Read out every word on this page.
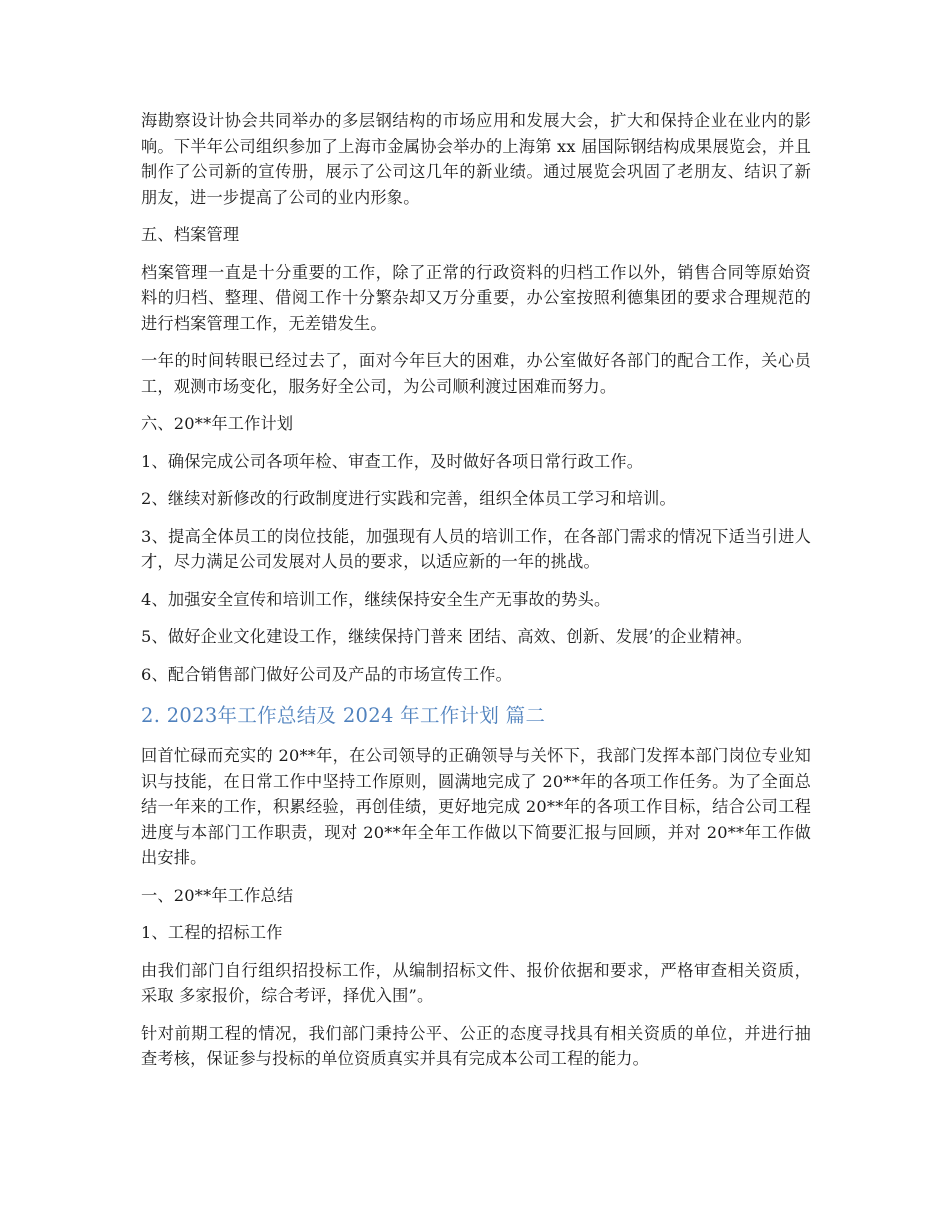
海勘察设计协会共同举办的多层钢结构的市场应用和发展大会，扩大和保持企业在业内的影响。下半年公司组织参加了上海市金属协会举办的上海第 xx 届国际钢结构成果展览会，并且制作了公司新的宣传册，展示了公司这几年的新业绩。通过展览会巩固了老朋友、结识了新朋友，进一步提高了公司的业内形象。

五、档案管理

档案管理一直是十分重要的工作，除了正常的行政资料的归档工作以外，销售合同等原始资料的归档、整理、借阅工作十分繁杂却又万分重要，办公室按照利德集团的要求合理规范的进行档案管理工作，无差错发生。

一年的时间转眼已经过去了，面对今年巨大的困难，办公室做好各部门的配合工作，关心员工，观测市场变化，服务好全公司，为公司顺利渡过困难而努力。

六、20**年工作计划

1、确保完成公司各项年检、审查工作，及时做好各项日常行政工作。

2、继续对新修改的行政制度进行实践和完善，组织全体员工学习和培训。

3、提高全体员工的岗位技能，加强现有人员的培训工作，在各部门需求的情况下适当引进人才，尽力满足公司发展对人员的要求，以适应新的一年的挑战。

4、加强安全宣传和培训工作，继续保持安全生产无事故的势头。

5、做好企业文化建设工作，继续保持门普来 团结、高效、创新、发展’的企业精神。

6、配合销售部门做好公司及产品的市场宣传工作。

2. 2023年工作总结及 2024 年工作计划 篇二

回首忙碌而充实的 20**年，在公司领导的正确领导与关怀下，我部门发挥本部门岗位专业知识与技能，在日常工作中坚持工作原则，圆满地完成了 20**年的各项工作任务。为了全面总结一年来的工作，积累经验，再创佳绩，更好地完成 20**年的各项工作目标，结合公司工程进度与本部门工作职责，现对 20**年全年工作做以下简要汇报与回顾，并对 20**年工作做出安排。

一、20**年工作总结

1、工程的招标工作

由我们部门自行组织招投标工作，从编制招标文件、报价依据和要求，严格审查相关资质，采取 多家报价，综合考评，择优入围”。

针对前期工程的情况，我们部门秉持公平、公正的态度寻找具有相关资质的单位，并进行抽查考核，保证参与投标的单位资质真实并具有完成本公司工程的能力。
